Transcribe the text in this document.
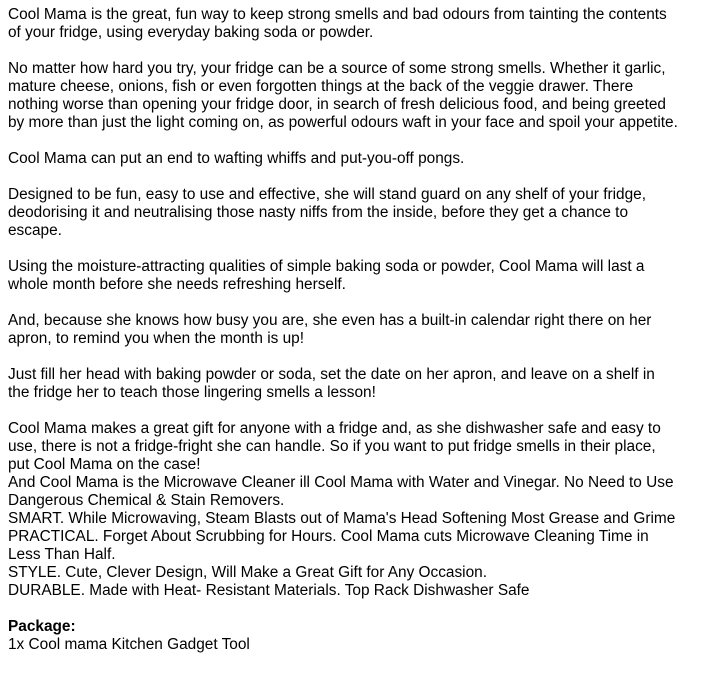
Cool Mama is the great, fun way to keep strong smells and bad odours from tainting the contents
of your fridge, using everyday baking soda or powder.

No matter how hard you try, your fridge can be a source of some strong smells. Whether it garlic,
mature cheese, onions, fish or even forgotten things at the back of the veggie drawer. There
nothing worse than opening your fridge door, in search of fresh delicious food, and being greeted
by more than just the light coming on, as powerful odours waft in your face and spoil your appetite.

Cool Mama can put an end to wafting whiffs and put-you-off pongs.

Designed to be fun, easy to use and effective, she will stand guard on any shelf of your fridge,
deodorising it and neutralising those nasty niffs from the inside, before they get a chance to
escape.

Using the moisture-attracting qualities of simple baking soda or powder, Cool Mama will last a
whole month before she needs refreshing herself.

And, because she knows how busy you are, she even has a built-in calendar right there on her
apron, to remind you when the month is up!

Just fill her head with baking powder or soda, set the date on her apron, and leave on a shelf in
the fridge her to teach those lingering smells a lesson!

Cool Mama makes a great gift for anyone with a fridge and, as she dishwasher safe and easy to
use, there is not a fridge-fright she can handle. So if you want to put fridge smells in their place,
put Cool Mama on the case!

And Cool Mama is the Microwave Cleaner ill Cool Mama with Water and Vinegar. No Need to Use
Dangerous Chemical & Stain Removers.

SMART. While Microwaving, Steam Blasts out of Mama's Head Softening Most Grease and Grime

PRACTICAL. Forget About Scrubbing for Hours. Cool Mama cuts Microwave Cleaning Time in
Less Than Half.

STYLE. Cute, Clever Design, Will Make a Great Gift for Any Occasion.

DURABLE. Made with Heat- Resistant Materials. Top Rack Dishwasher Safe

Package:

1x Cool mama Kitchen Gadget Tool
